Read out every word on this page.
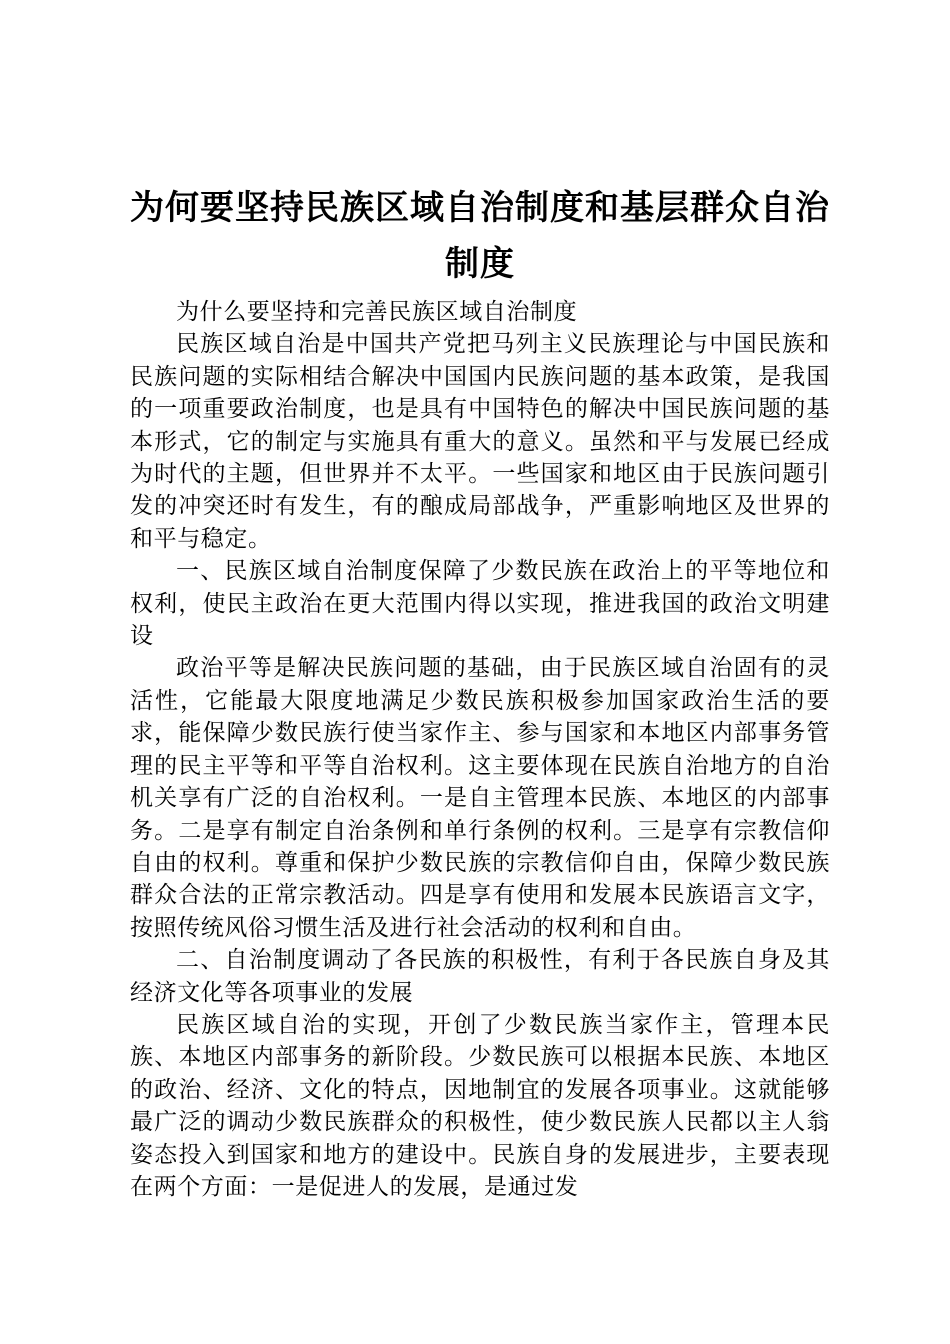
为何要坚持民族区域自治制度和基层群众自治制度

为什么要坚持和完善民族区域自治制度

民族区域自治是中国共产党把马列主义民族理论与中国民族和民族问题的实际相结合解决中国国内民族问题的基本政策，是我国的一项重要政治制度，也是具有中国特色的解决中国民族问题的基本形式，它的制定与实施具有重大的意义。虽然和平与发展已经成为时代的主题，但世界并不太平。一些国家和地区由于民族问题引发的冲突还时有发生，有的酿成局部战争，严重影响地区及世界的和平与稳定。

一、民族区域自治制度保障了少数民族在政治上的平等地位和权利，使民主政治在更大范围内得以实现，推进我国的政治文明建设

政治平等是解决民族问题的基础，由于民族区域自治固有的灵活性，它能最大限度地满足少数民族积极参加国家政治生活的要求，能保障少数民族行使当家作主、参与国家和本地区内部事务管理的民主平等和平等自治权利。这主要体现在民族自治地方的自治机关享有广泛的自治权利。一是自主管理本民族、本地区的内部事务。二是享有制定自治条例和单行条例的权利。三是享有宗教信仰自由的权利。尊重和保护少数民族的宗教信仰自由，保障少数民族群众合法的正常宗教活动。四是享有使用和发展本民族语言文字，按照传统风俗习惯生活及进行社会活动的权利和自由。

二、自治制度调动了各民族的积极性，有利于各民族自身及其经济文化等各项事业的发展

民族区域自治的实现，开创了少数民族当家作主，管理本民族、本地区内部事务的新阶段。少数民族可以根据本民族、本地区的政治、经济、文化的特点，因地制宜的发展各项事业。这就能够最广泛的调动少数民族群众的积极性，使少数民族人民都以主人翁姿态投入到国家和地方的建设中。民族自身的发展进步，主要表现在两个方面：一是促进人的发展，是通过发
